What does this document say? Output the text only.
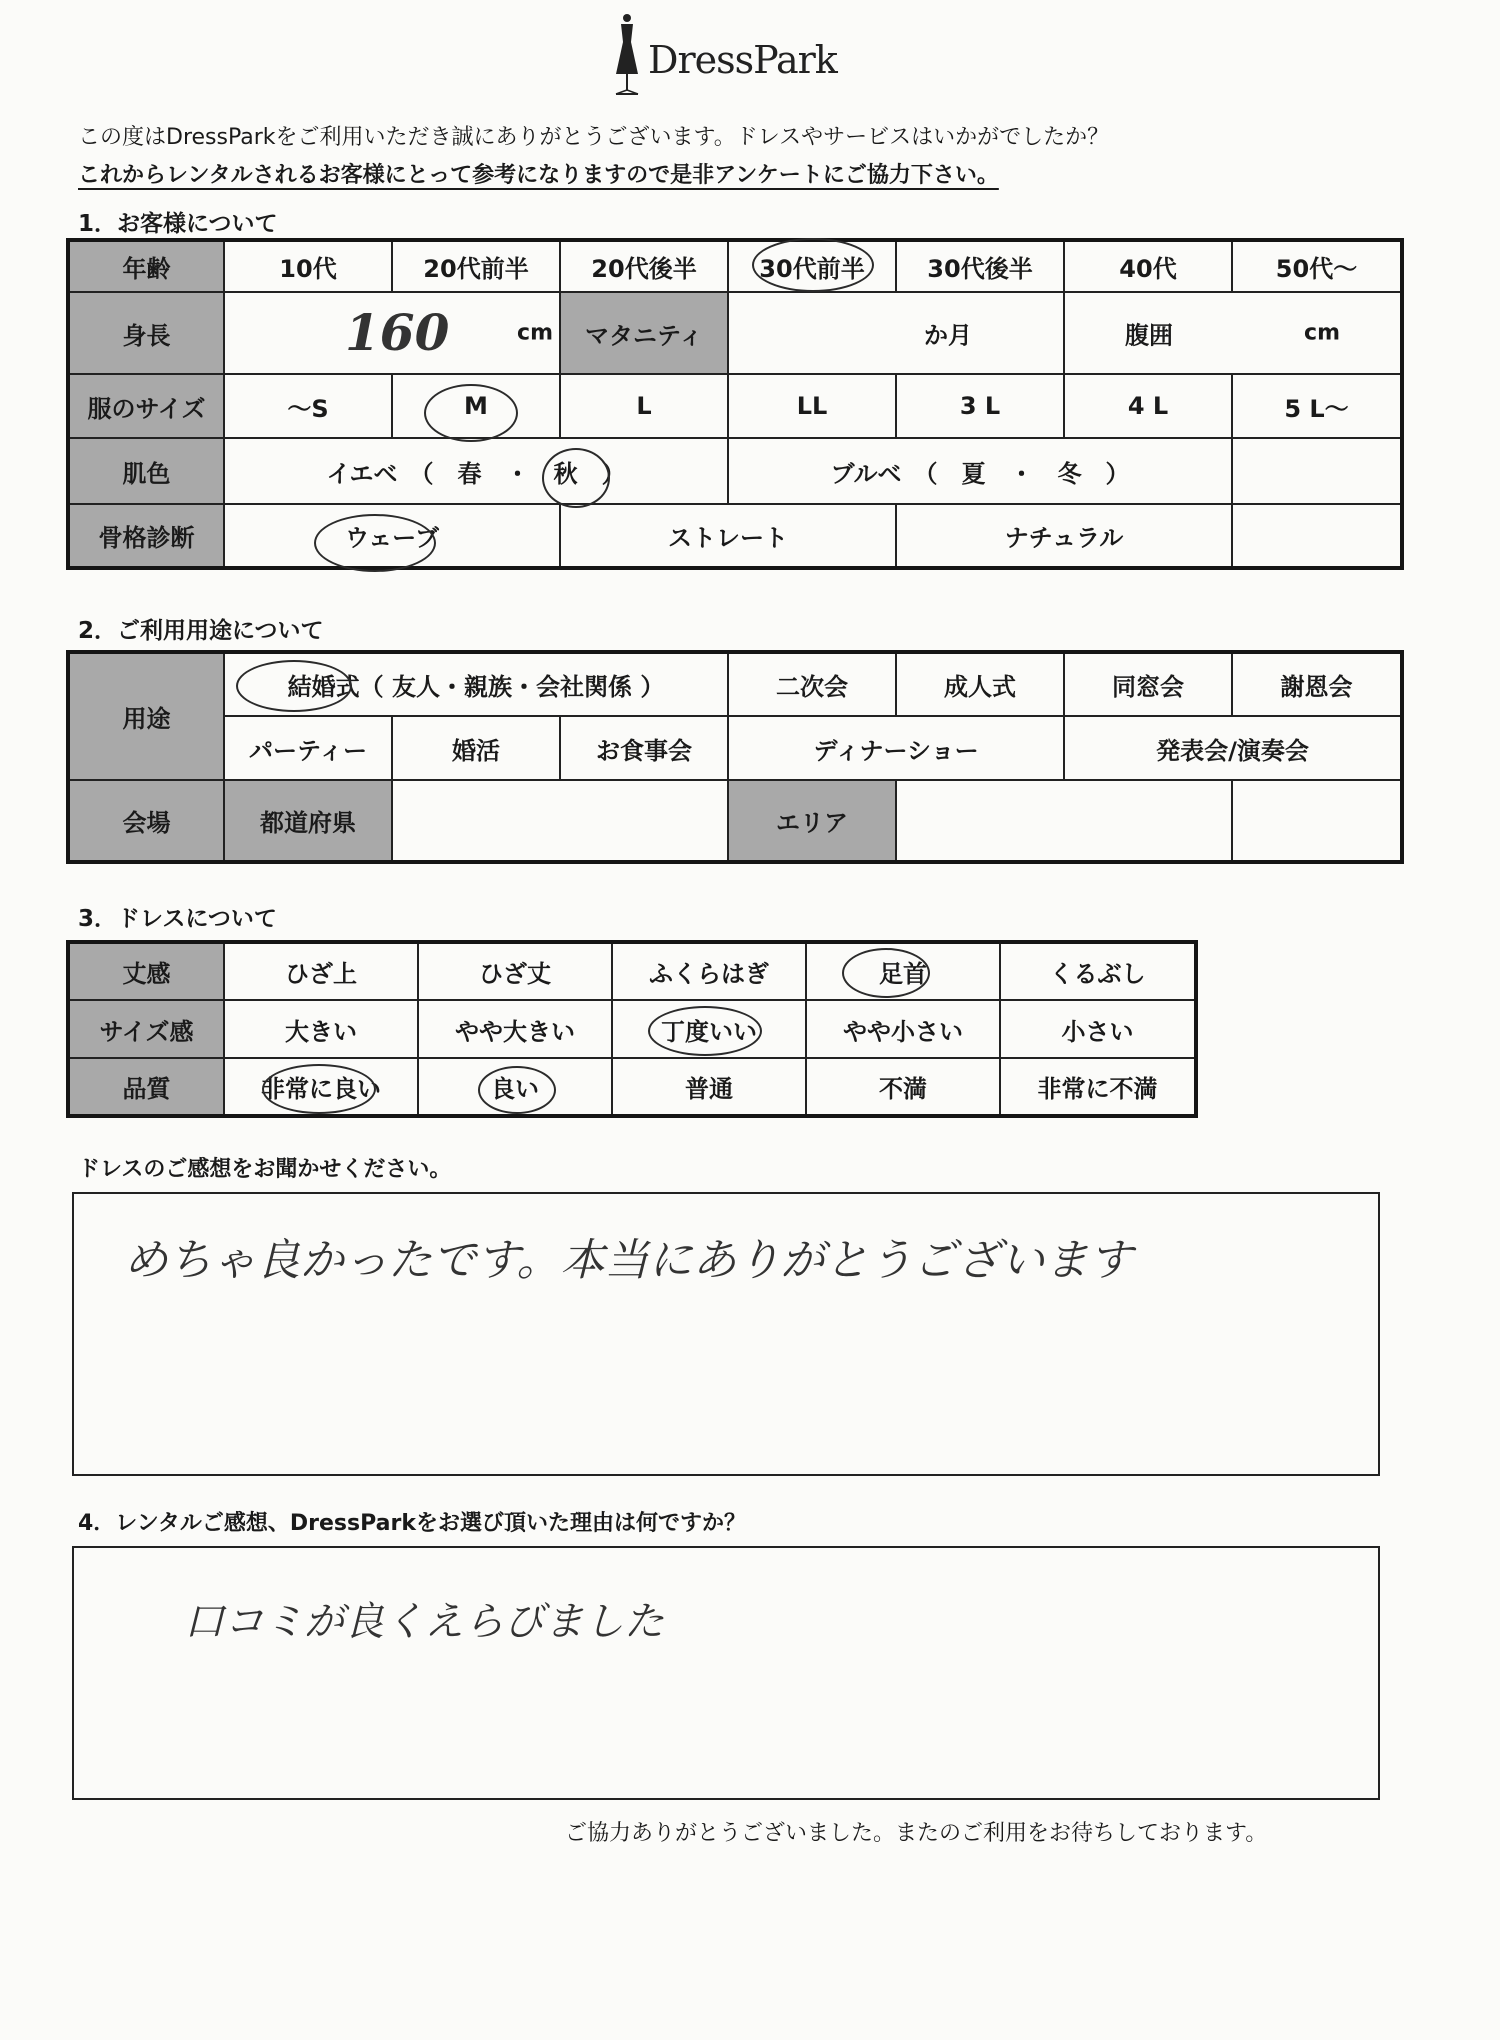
DressPark
この度はDressParkをご利用いただき誠にありがとうございます。ドレスやサービスはいかがでしたか？
これからレンタルされるお客様にとって参考になりますので是非アンケートにご協力下さい。
1．お客様について
年齢	10代	20代前半	20代後半	30代前半	30代後半	40代	50代～
身長	160 cm		マタニティ	か月		腹囲 cm	

服のサイズ	～S	M	L	LL	3 L	4 L	5 L～
肌色	イエベ　（　春　・　秋　）			ブルベ　（　夏　・　冬　）			
骨格診断	ウェーブ		ストレート		ナチュラル		
2．ご利用用途について
用途	結婚式（ 友人・親族・会社関係 ）			二次会	成人式	同窓会	謝恩会
	パーティー	婚活	お食事会	ディナーショー		発表会/演奏会	
会場	都道府県			エリア			
3．ドレスについて
丈感	ひざ上	ひざ丈	ふくらはぎ	足首	くるぶし
サイズ感	大きい	やや大きい	丁度いい	やや小さい	小さい
品質	非常に良い	良い	普通	不満	非常に不満
ドレスのご感想をお聞かせください。
めちゃ良かったです。本当にありがとうございます
4．レンタルご感想、DressParkをお選び頂いた理由は何ですか？
口コミが良くえらびました
ご協力ありがとうございました。またのご利用をお待ちしております。
